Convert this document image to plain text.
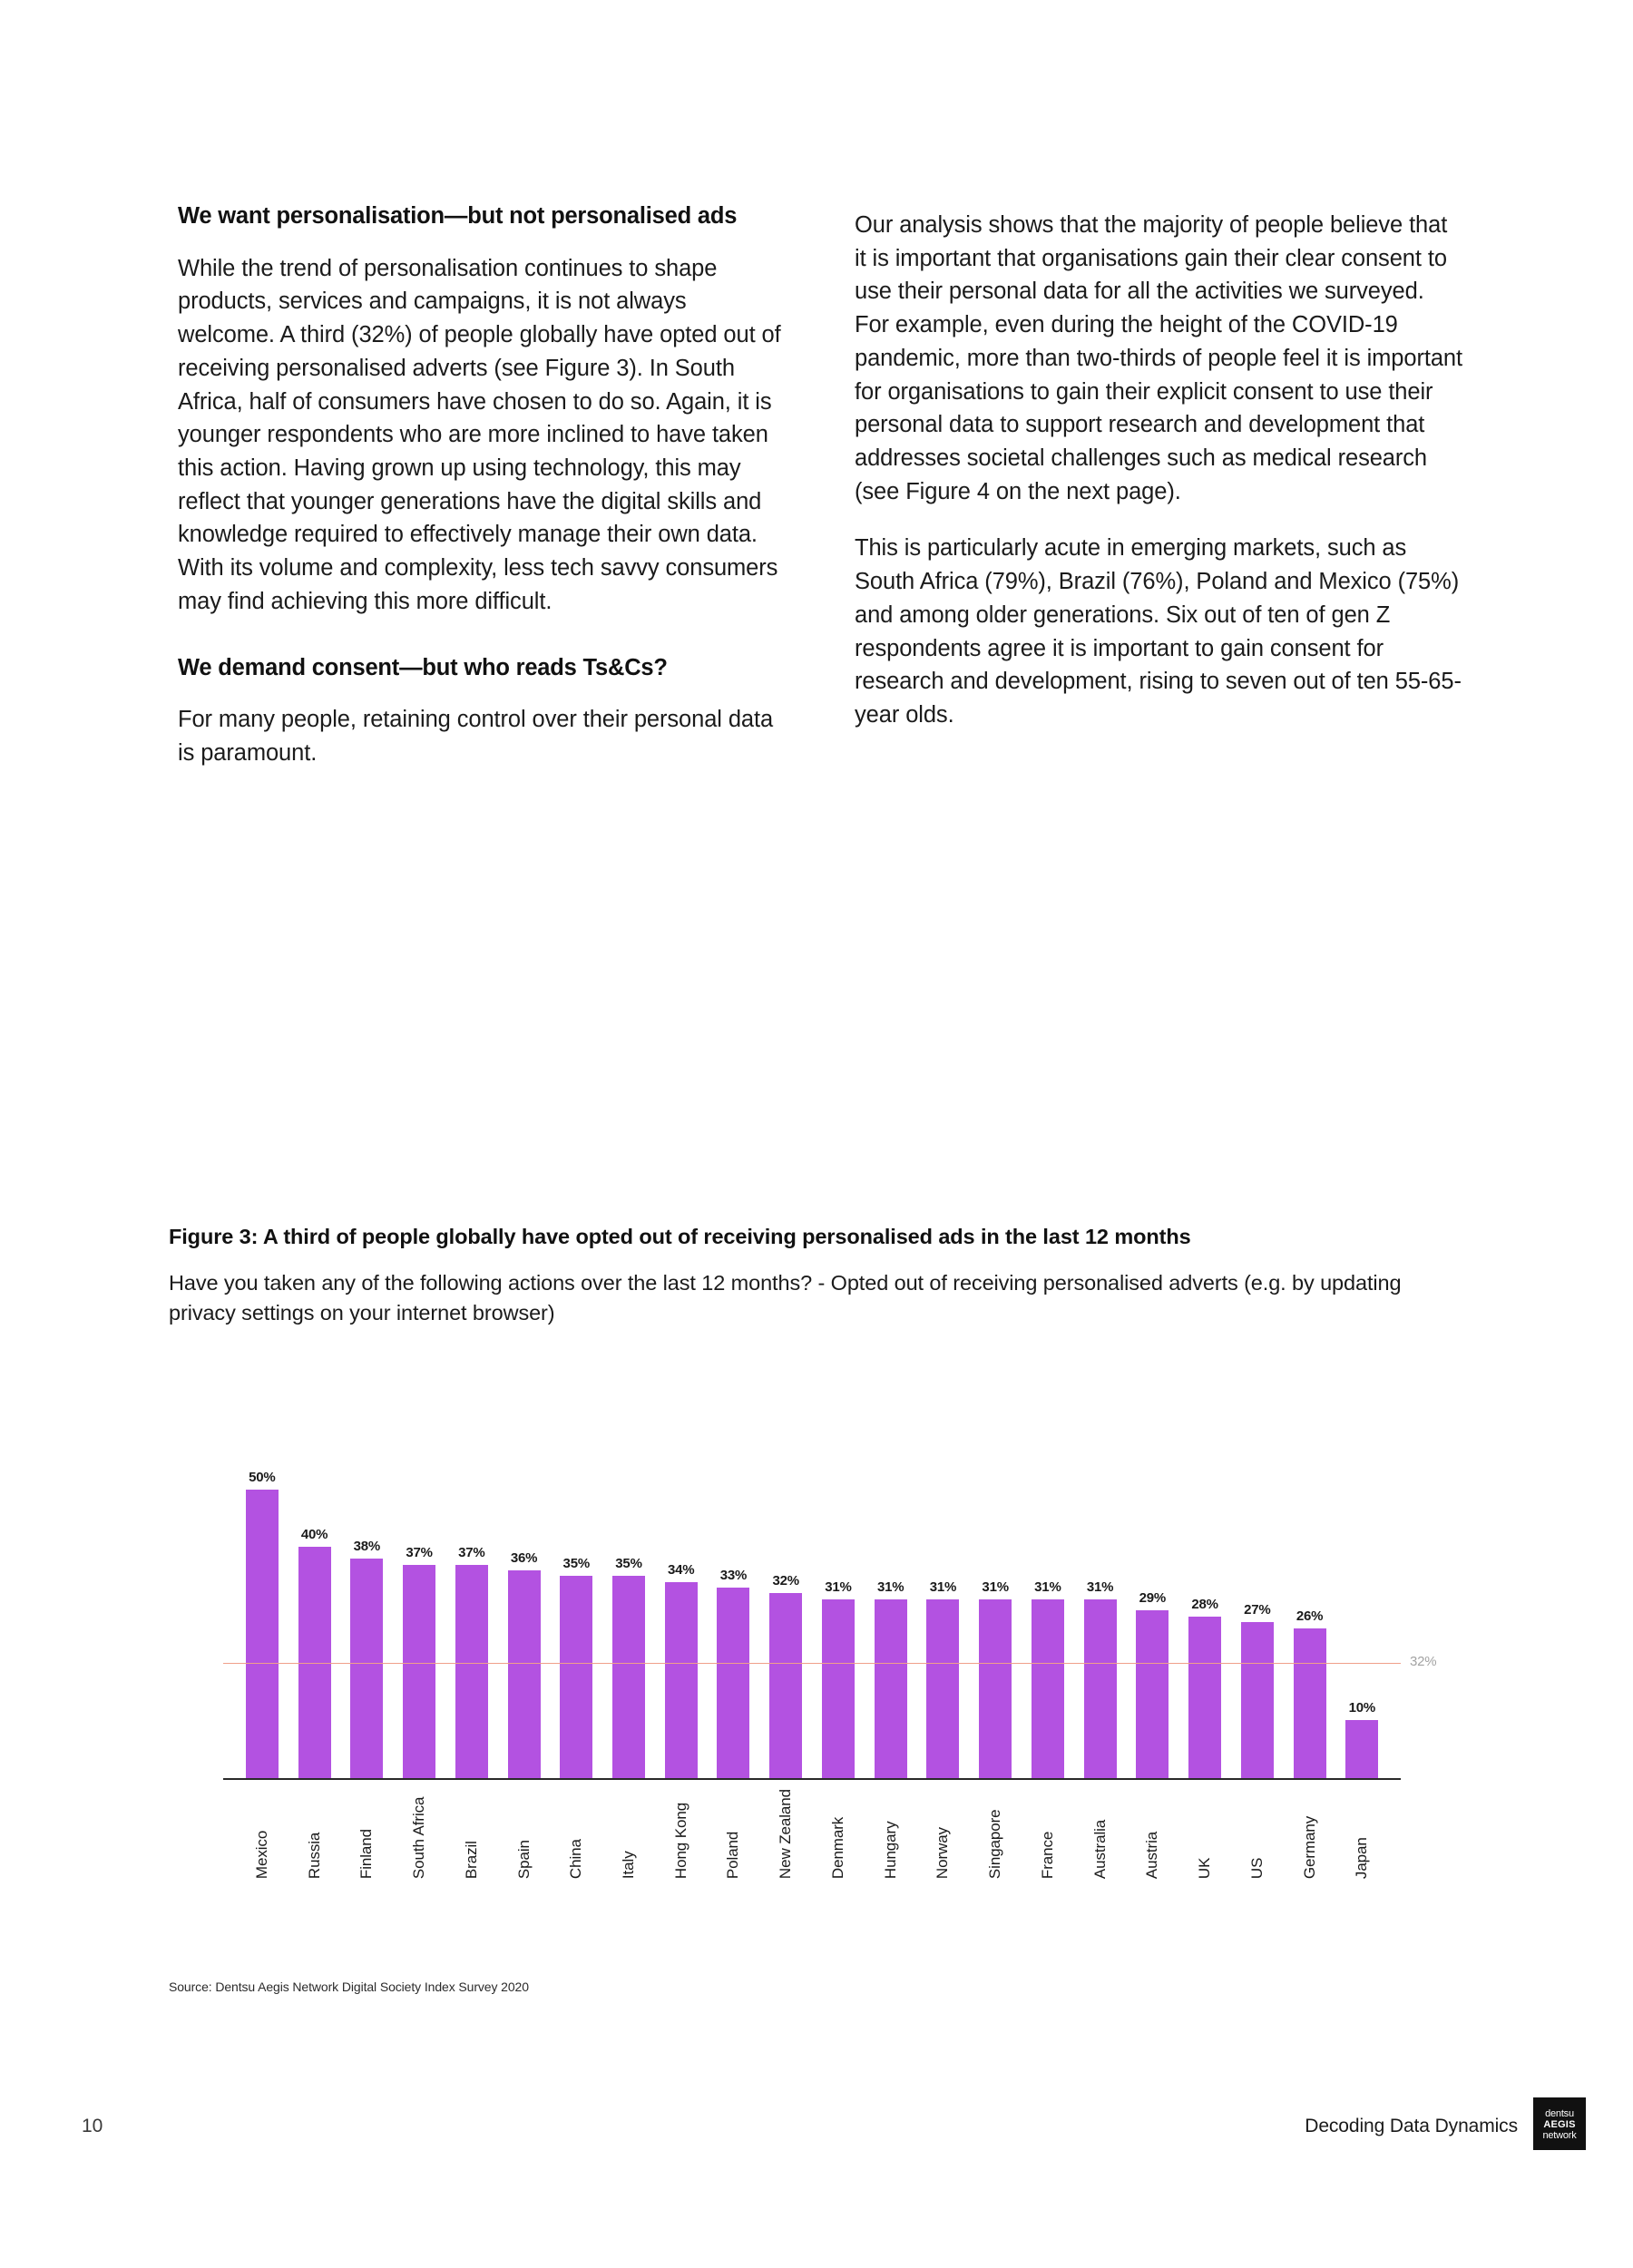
We want personalisation—but not personalised ads

While the trend of personalisation continues to shape products, services and campaigns, it is not always welcome. A third (32%) of people globally have opted out of receiving personalised adverts (see Figure 3). In South Africa, half of consumers have chosen to do so. Again, it is younger respondents who are more inclined to have taken this action. Having grown up using technology, this may reflect that younger generations have the digital skills and knowledge required to effectively manage their own data. With its volume and complexity, less tech savvy consumers may find achieving this more difficult.

We demand consent—but who reads Ts&Cs?

For many people, retaining control over their personal data is paramount.

Our analysis shows that the majority of people believe that it is important that organisations gain their clear consent to use their personal data for all the activities we surveyed. For example, even during the height of the COVID-19 pandemic, more than two-thirds of people feel it is important for organisations to gain their explicit consent to use their personal data to support research and development that addresses societal challenges such as medical research (see Figure 4 on the next page).

This is particularly acute in emerging markets, such as South Africa (79%), Brazil (76%), Poland and Mexico (75%) and among older generations. Six out of ten of gen Z respondents agree it is important to gain consent for research and development, rising to seven out of ten 55-65-year olds.

Figure 3: A third of people globally have opted out of receiving personalised ads in the last 12 months

Have you taken any of the following actions over the last 12 months? - Opted out of receiving personalised adverts (e.g. by updating privacy settings on your internet browser)

50%
40%
38% 37% 37% 36% 35% 35% 34% 33% 32% 31% 31% 31% 31% 31% 31%
29% 28% 27% 26%
10%
32%
Mexico Russia Finland South Africa Brazil Spain China Italy Hong Kong Poland New Zealand Denmark Hungary Norway Singapore France Australia Austria UK US Germany Japan
Source: Dentsu Aegis Network Digital Society Index Survey 2020
10	Decoding Data Dynamics
dentsu
AEGIS
network
